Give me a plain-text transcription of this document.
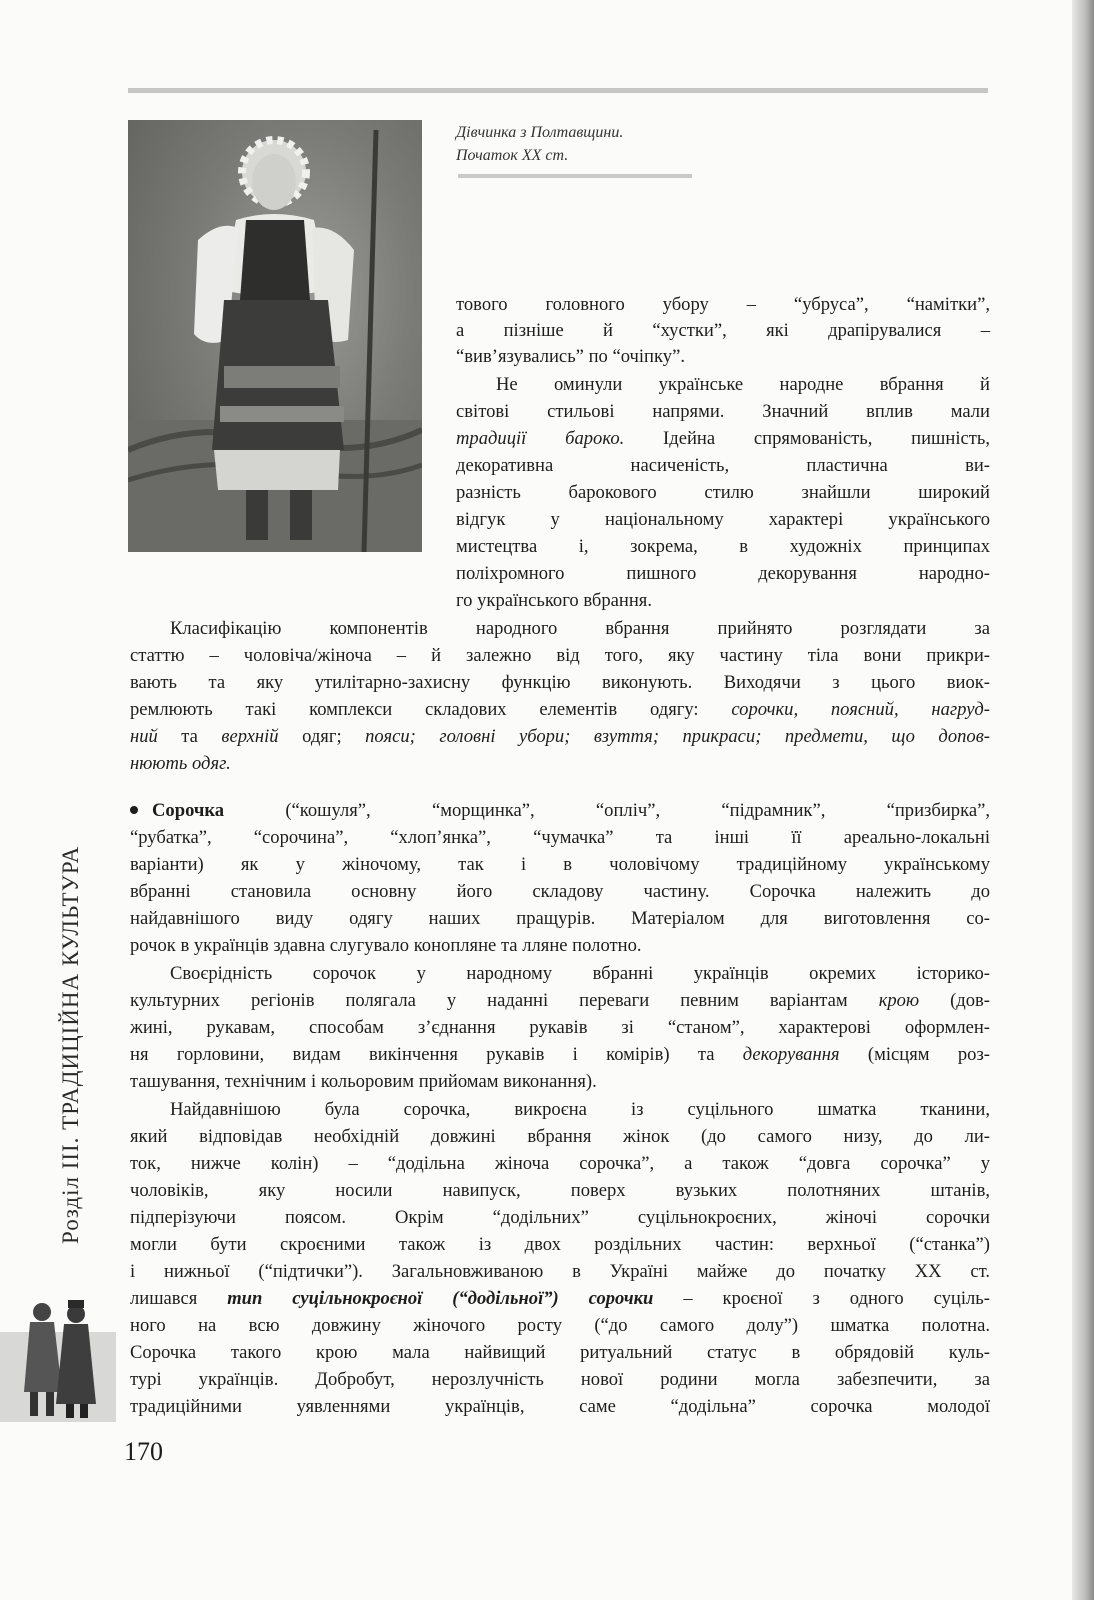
Дівчинка з Полтавщини.
Початок ХХ ст.
тового головного убору – “убруса”, “намітки”,
а пізніше й “хустки”, які драпірувалися –
“вив’язувались” по “очіпку”.
Не оминули українське народне вбрання й
світові стильові напрями. Значний вплив мали
традиції бароко. Ідейна спрямованість, пишність,
декоративна насиченість, пластична ви-
разність барокового стилю знайшли широкий
відгук у національному характері українського
мистецтва і, зокрема, в художніх принципах
поліхромного пишного декорування народно-
го українського вбрання.
Класифікацію компонентів народного вбрання прийнято розглядати за
статтю – чоловіча/жіноча – й залежно від того, яку частину тіла вони прикри-
вають та яку утилітарно-захисну функцію виконують. Виходячи з цього виок-
ремлюють такі комплекси складових елементів одягу: сорочки, поясний, нагруд-
ний та верхній одяг; пояси; головні убори; взуття; прикраси; предмети, що допов-
нюють одяг.
Сорочка (“кошуля”, “морщинка”, “опліч”, “підрамник”, “призбирка”,
“рубатка”, “сорочина”, “хлоп’янка”, “чумачка” та інші її ареально-локальні
варіанти) як у жіночому, так і в чоловічому традиційному українському
вбранні становила основну його складову частину. Сорочка належить до
найдавнішого виду одягу наших пращурів. Матеріалом для виготовлення со-
рочок в українців здавна слугувало конопляне та лляне полотно.
Своєрідність сорочок у народному вбранні українців окремих історико-
культурних регіонів полягала у наданні переваги певним варіантам крою (дов-
жині, рукавам, способам з’єднання рукавів зі “станом”, характерові оформлен-
ня горловини, видам викінчення рукавів і комірів) та декорування (місцям роз-
ташування, технічним і кольоровим прийомам виконання).
Найдавнішою була сорочка, викроєна із суцільного шматка тканини,
який відповідав необхідній довжині вбрання жінок (до самого низу, до ли-
ток, нижче колін) – “додільна жіноча сорочка”, а також “довга сорочка” у
чоловіків, яку носили навипуск, поверх вузьких полотняних штанів,
підперізуючи поясом. Окрім “додільних” суцільнокроєних, жіночі сорочки
могли бути скроєними також із двох роздільних частин: верхньої (“станка”)
і нижньої (“підтички”). Загальновживаною в Україні майже до початку ХХ ст.
лишався тип суцільнокроєної (“додільної”) сорочки – кроєної з одного суціль-
ного на всю довжину жіночого росту (“до самого долу”) шматка полотна.
Сорочка такого крою мала найвищий ритуальний статус в обрядовій куль-
турі українців. Добробут, нерозлучність нової родини могла забезпечити, за
традиційними уявленнями українців, саме “додільна” сорочка молодої
Розділ III. ТРАДИЦІЙНА КУЛЬТУРА
170
